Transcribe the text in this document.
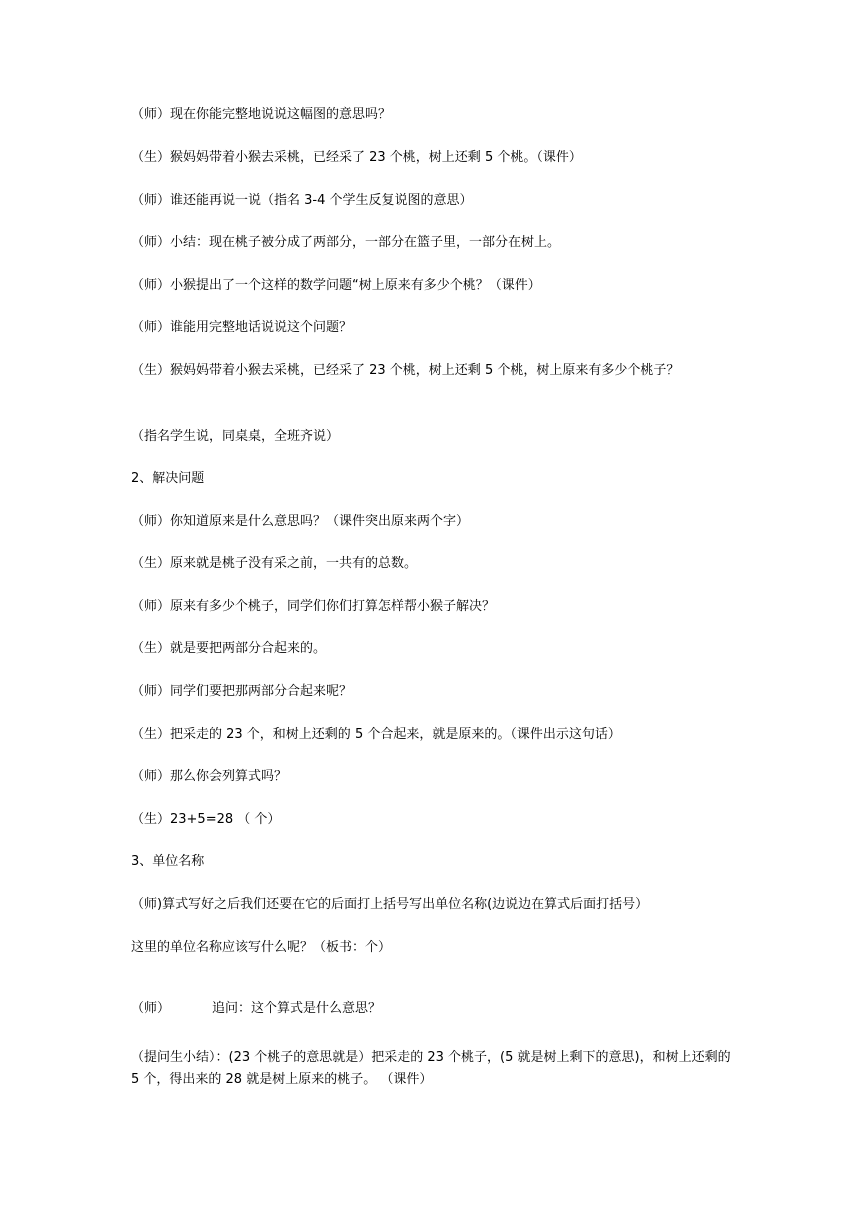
（师）现在你能完整地说说这幅图的意思吗？
（生）猴妈妈带着小猴去采桃，已经采了 23 个桃，树上还剩 5 个桃。（课件）
（师）谁还能再说一说（指名 3-4 个学生反复说图的意思）
（师）小结：现在桃子被分成了两部分，一部分在篮子里，一部分在树上。
（师）小猴提出了一个这样的数学问题“树上原来有多少个桃？（课件）
（师）谁能用完整地话说说这个问题？
（生）猴妈妈带着小猴去采桃，已经采了 23 个桃，树上还剩 5 个桃，树上原来有多少个桃子？
（指名学生说，同桌桌，全班齐说）
2、解决问题
（师）你知道原来是什么意思吗？（课件突出原来两个字）
（生）原来就是桃子没有采之前，一共有的总数。
（师）原来有多少个桃子，同学们你们打算怎样帮小猴子解决？
（生）就是要把两部分合起来的。
（师）同学们要把那两部分合起来呢？
（生）把采走的 23 个，和树上还剩的 5 个合起来，就是原来的。（课件出示这句话）
（师）那么你会列算式吗？
（生）23+5=28 （ 个）
3、单位名称
（师)算式写好之后我们还要在它的后面打上括号写出单位名称(边说边在算式后面打括号）
这里的单位名称应该写什么呢？（板书：个）
（师）	追问：这个算式是什么意思？
（提问生小结）：(23 个桃子的意思就是）把采走的 23 个桃子，(5 就是树上剩下的意思)，和树上还剩的 5 个，得出来的 28 就是树上原来的桃子。 （课件）
